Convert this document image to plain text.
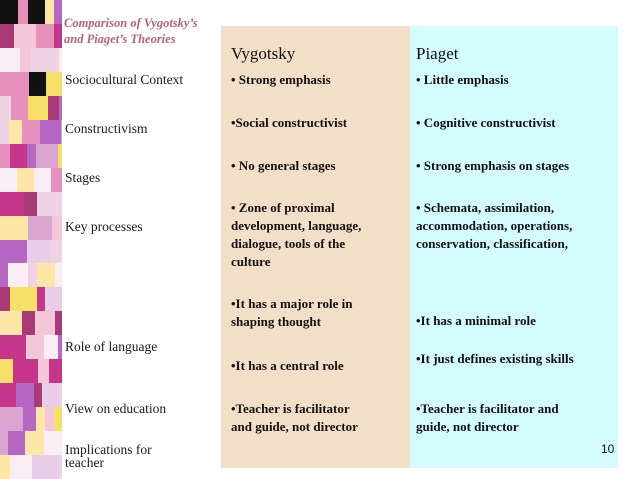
Comparison of Vygotsky’s
and Piaget’s Theories
Vygotsky	Piaget
Sociocultural Context
Constructivism
Stages
Key processes
Role of language
View on education
Implications for
teacher
• Strong emphasis
•Social constructivist
• No general stages
• Zone of proximal
development, language,
dialogue, tools of the
culture
•It has a major role in
shaping thought
•It has a central role
•Teacher is facilitator
and guide, not director
• Little emphasis
• Cognitive constructivist
• Strong emphasis on stages
• Schemata, assimilation,
accommodation, operations,
conservation, classification,
•It has a minimal role
•It just defines existing skills
•Teacher is facilitator and
guide, not director
10
